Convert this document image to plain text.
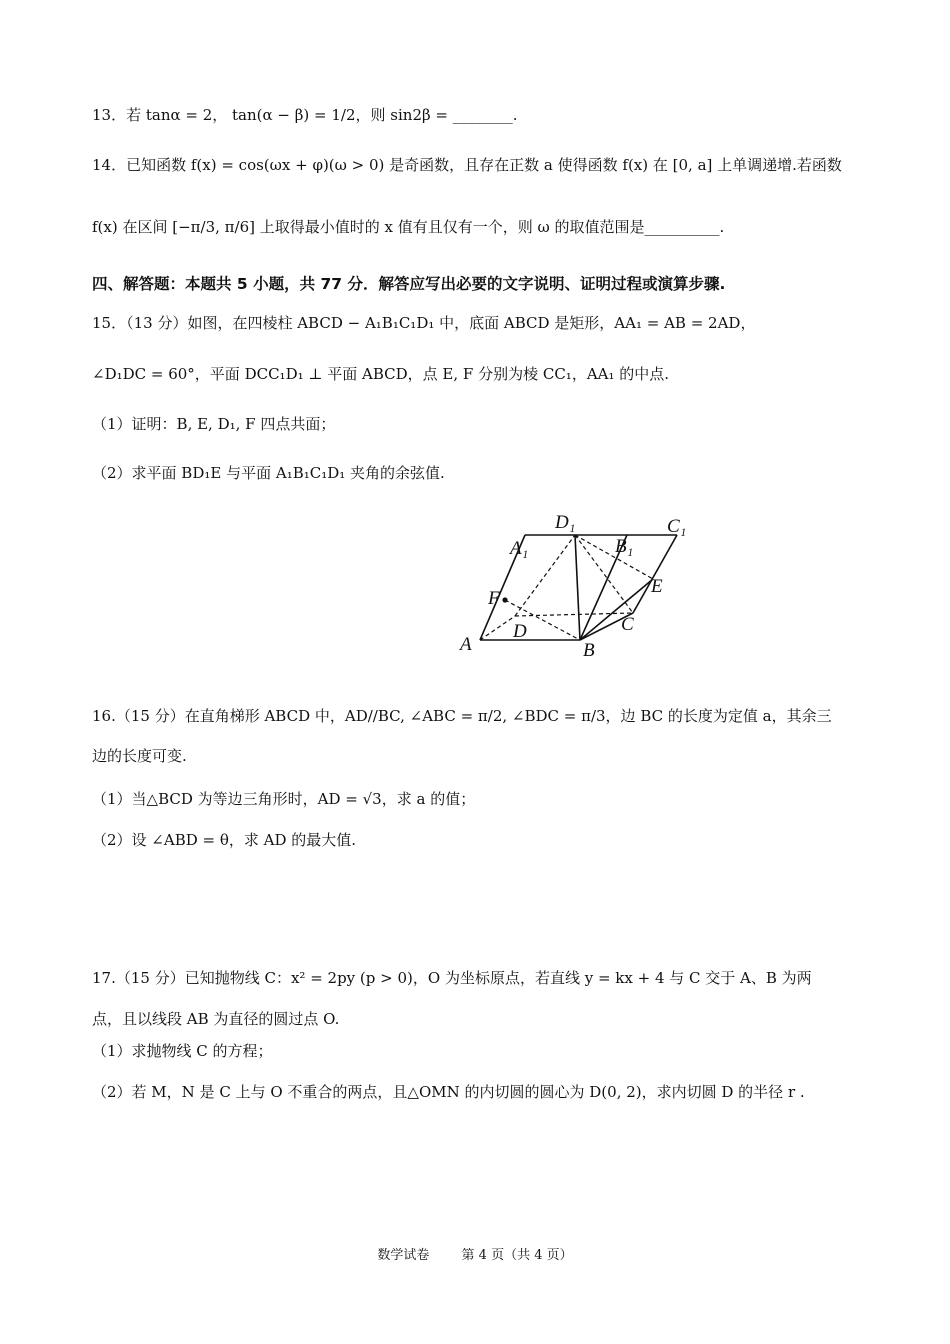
13．若 tanα = 2， tan(α − β) = 1/2，则 sin2β = ________.
14．已知函数 f(x) = cos(ωx + φ)(ω > 0) 是奇函数，且存在正数 a 使得函数 f(x) 在 [0, a] 上单调递增.若函数
f(x) 在区间 [−π/3, π/6] 上取得最小值时的 x 值有且仅有一个，则 ω 的取值范围是__________.
四、解答题：本题共 5 小题，共 77 分．解答应写出必要的文字说明、证明过程或演算步骤.
15．（13 分）如图，在四棱柱 ABCD − A₁B₁C₁D₁ 中，底面 ABCD 是矩形，AA₁ = AB = 2AD，
∠D₁DC = 60°，平面 DCC₁D₁ ⊥ 平面 ABCD，点 E, F 分别为棱 CC₁，AA₁ 的中点.
（1）证明：B, E, D₁, F 四点共面；
（2）求平面 BD₁E 与平面 A₁B₁C₁D₁ 夹角的余弦值.
D₁	C₁
A₁	B₁
E
F
D	C
A	B
16.（15 分）在直角梯形 ABCD 中，AD//BC, ∠ABC = π/2, ∠BDC = π/3，边 BC 的长度为定值 a，其余三
边的长度可变.
（1）当△BCD 为等边三角形时，AD = √3，求 a 的值；
（2）设 ∠ABD = θ，求 AD 的最大值.
17.（15 分）已知抛物线 C：x² = 2py (p > 0)，O 为坐标原点，若直线 y = kx + 4 与 C 交于 A、B 为两
点，且以线段 AB 为直径的圆过点 O.
（1）求抛物线 C 的方程；
（2）若 M，N 是 C 上与 O 不重合的两点，且△OMN 的内切圆的圆心为 D(0, 2)，求内切圆 D 的半径 r .
数学试卷 第 4 页（共 4 页）
